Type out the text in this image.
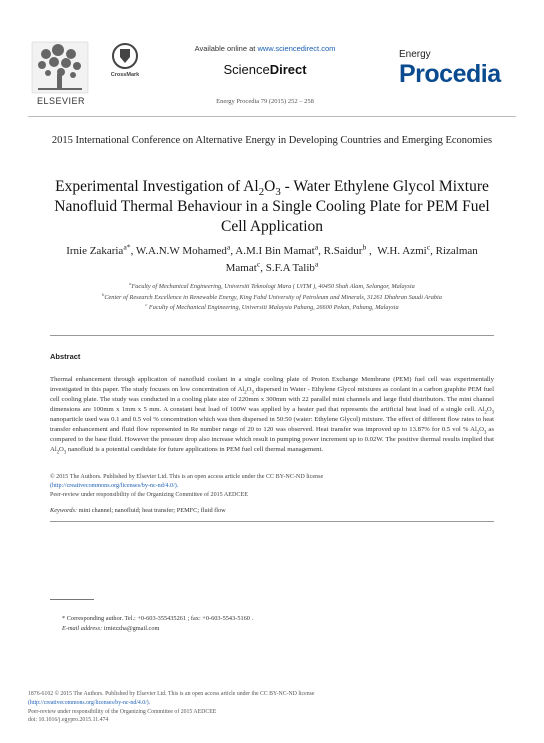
ELSEVIER
CrossMark
Available online at www.sciencedirect.com
ScienceDirect
Energy Procedia 79 (2015) 252 – 258
Energy
Procedia
2015 International Conference on Alternative Energy in Developing Countries and Emerging Economies
Experimental Investigation of $Al_2O_3$ - Water Ethylene Glycol Mixture Nanofluid Thermal Behaviour in a Single Cooling Plate for PEM Fuel Cell Application
Irnie Zakaria$^{a*}$, W.A.N.W Mohamed$^a$, A.M.I Bin Mamat$^a$, R.Saidur$^b$ ,  W.H. Azmi$^c$, Rizalman Mamat$^c$, S.F.A Talib$^a$
$^a$Faculty of Mechanical Engineering, Universiti Teknologi Mara ( UiTM ), 40450 Shah Alam, Selangor, Malaysia
$^b$Center of Research Excellence in Renewable Energy, King Fahd University of Petroleum and Minerals, 31261 Dhahran Saudi Arabia
$^c$ Faculty of Mechanical Engineering, Universiti Malaysia Pahang, 26600 Pekan, Pahang, Malaysia
Abstract
Thermal enhancement through application of nanofluid coolant in a single cooling plate of Proton Exchange Membrane (PEM) fuel cell was experimentally investigated in this paper. The study focuses on low concentration of $Al_2O_3$ dispersed in Water - Ethylene Glycol mixtures as coolant in a carbon graphite PEM fuel cell cooling plate. The study was conducted in a cooling plate size of 220mm x 300mm with 22 parallel mini channels and large fluid distributors. The mini channel dimensions are 100mm x 1mm x 5 mm. A constant heat load of 100W was applied by a heater pad that represents the artificial heat load of a single cell. $Al_2O_3$ nanoparticle used was 0.1 and 0.5 vol % concentration which was then dispersed in 50:50 (water: Ethylene Glycol) mixture. The effect of different flow rates to heat transfer enhancement and fluid flow represented in Re number range of 20 to 120 was observed. Heat transfer was improved up to 13.87% for 0.5 vol % $Al_2O_3$ as compared to the base fluid. However the pressure drop also increase which result in pumping power increment up to 0.02W. The positive thermal results implied that $Al_2O_3$ nanofluid is a potential candidate for future applications in PEM fuel cell thermal management.
© 2015 The Authors. Published by Elsevier Ltd. This is an open access article under the CC BY-NC-ND license
(http://creativecommons.org/licenses/by-nc-nd/4.0/).
Peer-review under responsibility of the Organizing Committee of 2015 AEDCEE
Keywords: mini channel; nanofluid; heat transfer; PEMFC; fluid flow
* Corresponding author. Tel.: +0-603-355435261 ; fax: +0-603-5543-5160 .
E-mail address: irniezzha@gmail.com
1876-6102 © 2015 The Authors. Published by Elsevier Ltd. This is an open access article under the CC BY-NC-ND license
(http://creativecommons.org/licenses/by-nc-nd/4.0/).
Peer-review under responsibility of the Organizing Committee of 2015 AEDCEE
doi: 10.1016/j.egypro.2015.11.474
